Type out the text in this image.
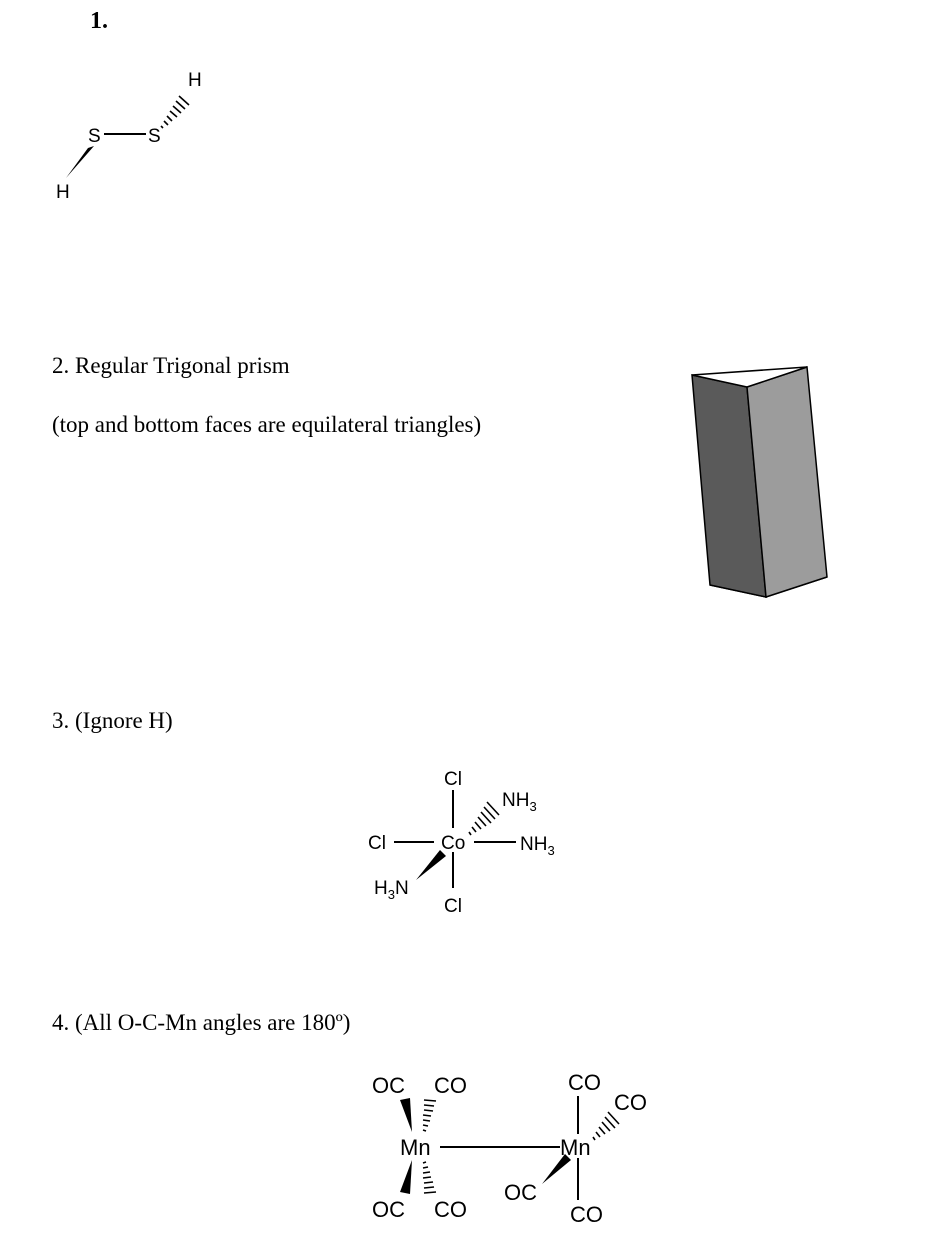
1.
S S
H
H
2. Regular Trigonal prism
(top and bottom faces are equilateral triangles)
3. (Ignore H)
Cl
Co
Cl
Cl
$NH_3$
$NH_3$
$H_3N$
4. (All O-C-Mn angles are 180º)
Mn	Mn
OC CO
OC CO
CO
CO
OC
CO
